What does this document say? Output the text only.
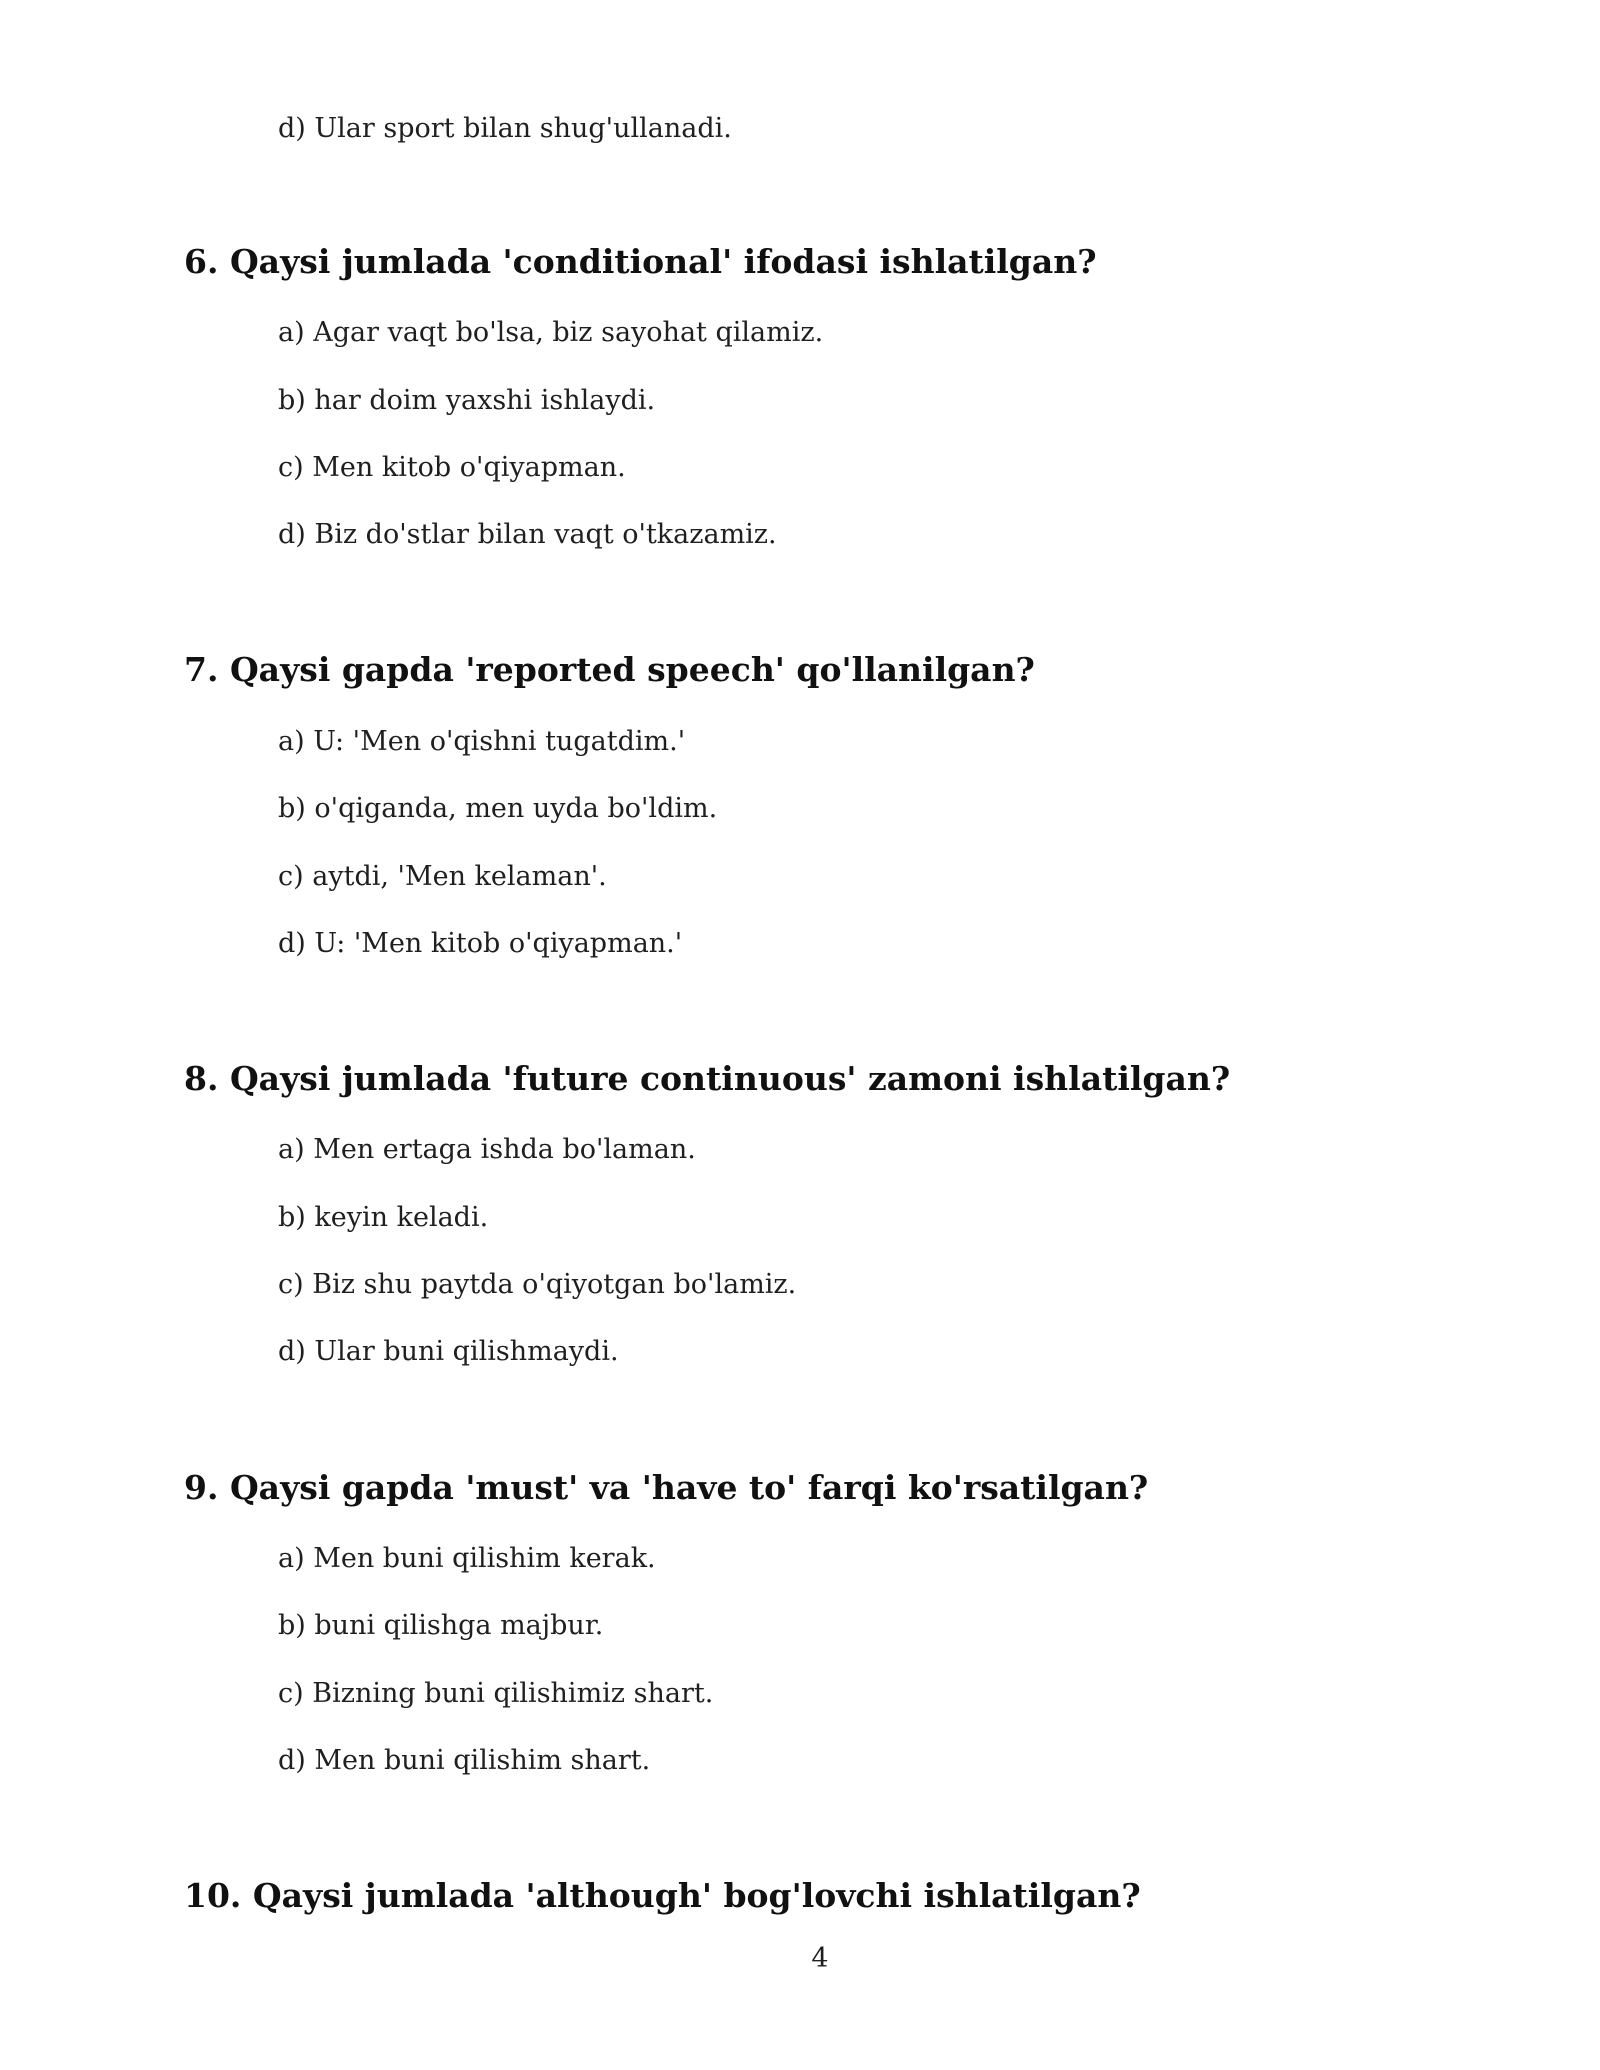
d) Ular sport bilan shug'ullanadi.
6. Qaysi jumlada 'conditional' ifodasi ishlatilgan?
a) Agar vaqt bo'lsa, biz sayohat qilamiz.
b) har doim yaxshi ishlaydi.
c) Men kitob o'qiyapman.
d) Biz do'stlar bilan vaqt o'tkazamiz.
7. Qaysi gapda 'reported speech' qo'llanilgan?
a) U: 'Men o'qishni tugatdim.'
b) o'qiganda, men uyda bo'ldim.
c) aytdi, 'Men kelaman'.
d) U: 'Men kitob o'qiyapman.'
8. Qaysi jumlada 'future continuous' zamoni ishlatilgan?
a) Men ertaga ishda bo'laman.
b) keyin keladi.
c) Biz shu paytda o'qiyotgan bo'lamiz.
d) Ular buni qilishmaydi.
9. Qaysi gapda 'must' va 'have to' farqi ko'rsatilgan?
a) Men buni qilishim kerak.
b) buni qilishga majbur.
c) Bizning buni qilishimiz shart.
d) Men buni qilishim shart.
10. Qaysi jumlada 'although' bog'lovchi ishlatilgan?
4
